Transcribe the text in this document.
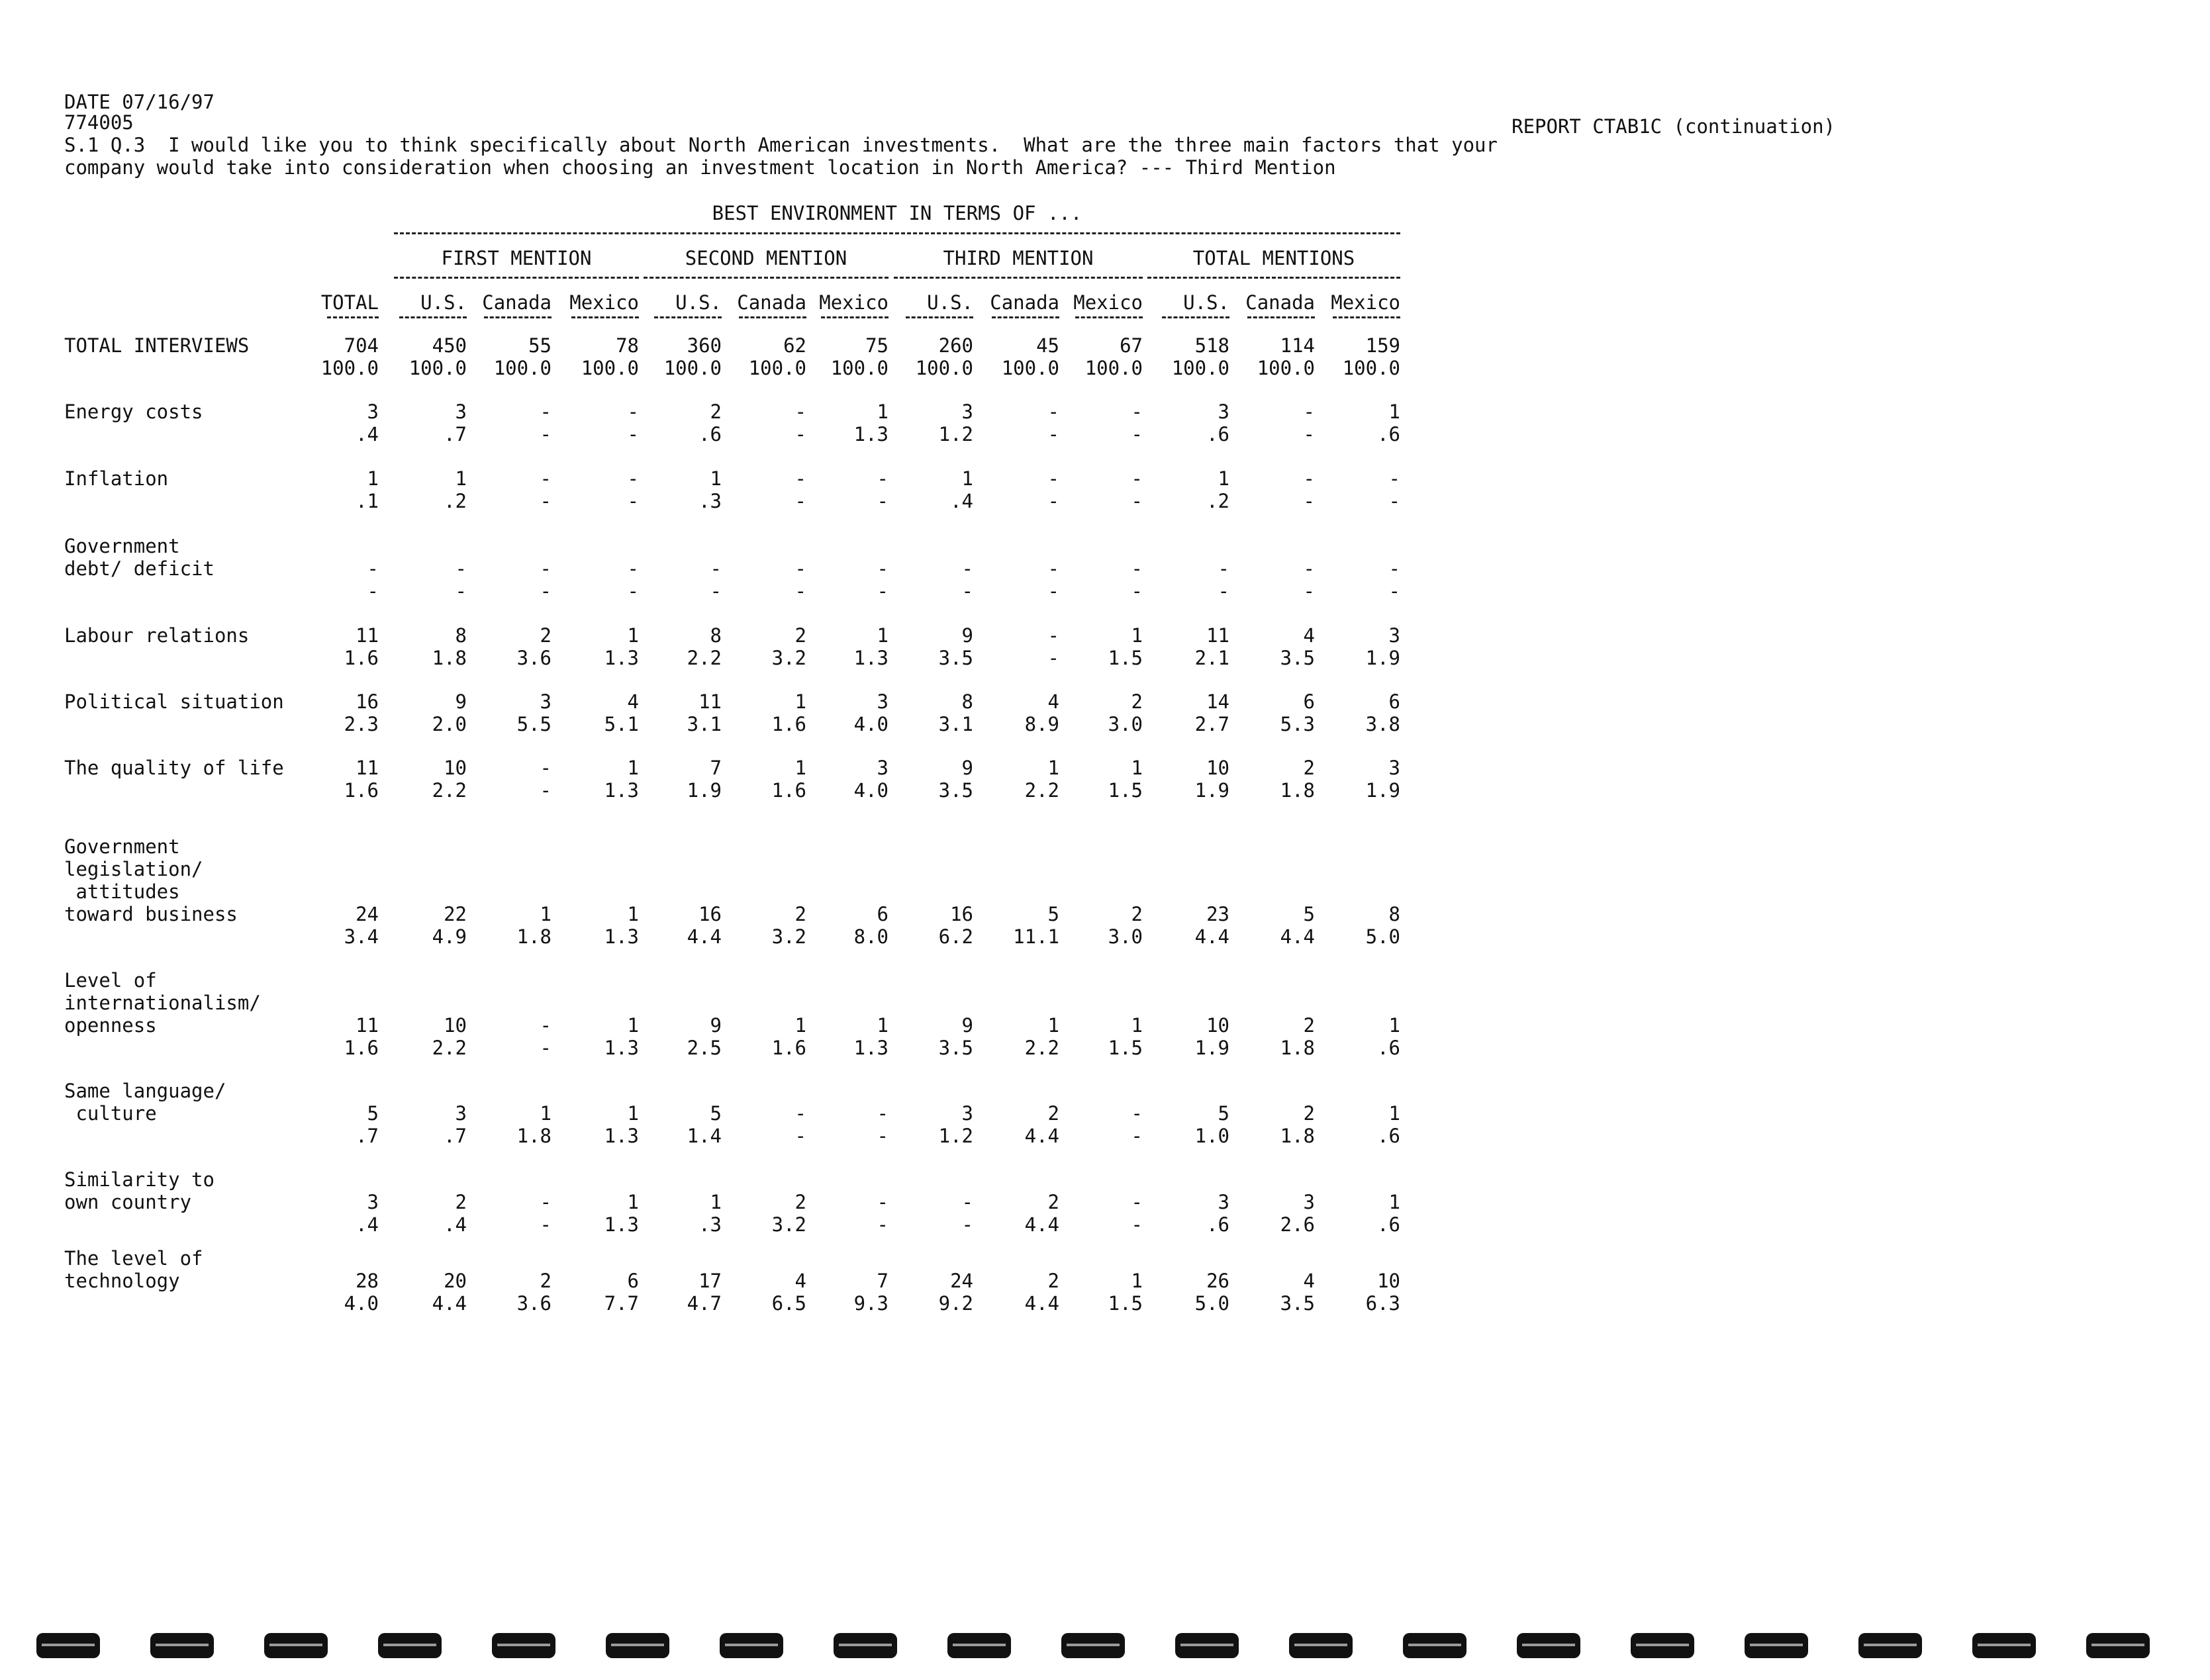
DATE 07/16/97
774005	REPORT CTAB1C (continuation)
S.1 Q.3  I would like you to think specifically about North American investments.  What are the three main factors that your
company would take into consideration when choosing an investment location in North America? --- Third Mention
BEST ENVIRONMENT IN TERMS OF ...
FIRST MENTION	SECOND MENTION	THIRD MENTION	TOTAL MENTIONS
TOTAL	U.S. Canada Mexico	U.S. Canada Mexico	U.S. Canada Mexico	U.S. Canada Mexico
TOTAL INTERVIEWS	704	450	55	78	360	62	75	260	45	67	518	114	159
100.0	100.0	100.0	100.0	100.0	100.0	100.0	100.0	100.0	100.0	100.0	100.0	100.0
Energy costs	3	3	-	-	2	-	1	3	-	-	3	-	1
.4	.7	-	-	.6	-	1.3	1.2	-	-	.6	-	.6
Inflation	1	1	-	-	1	-	-	1	-	-	1	-	-
.1	.2	-	-	.3	-	-	.4	-	-	.2	-	-
Government
debt/ deficit	-	-	-	-	-	-	-	-	-	-	-	-	-
-	-	-	-	-	-	-	-	-	-	-	-	-
Labour relations	11	8	2	1	8	2	1	9	-	1	11	4	3
1.6	1.8	3.6	1.3	2.2	3.2	1.3	3.5	-	1.5	2.1	3.5	1.9
Political situation	16	9	3	4	11	1	3	8	4	2	14	6	6
2.3	2.0	5.5	5.1	3.1	1.6	4.0	3.1	8.9	3.0	2.7	5.3	3.8
The quality of life	11	10	-	1	7	1	3	9	1	1	10	2	3
1.6	2.2	-	1.3	1.9	1.6	4.0	3.5	2.2	1.5	1.9	1.8	1.9
Government
legislation/
attitudes
toward business	24	22	1	1	16	2	6	16	5	2	23	5	8
3.4	4.9	1.8	1.3	4.4	3.2	8.0	6.2	11.1	3.0	4.4	4.4	5.0
Level of
internationalism/
openness	11	10	-	1	9	1	1	9	1	1	10	2	1
1.6	2.2	-	1.3	2.5	1.6	1.3	3.5	2.2	1.5	1.9	1.8	.6
Same language/
culture	5	3	1	1	5	-	-	3	2	-	5	2	1
.7	.7	1.8	1.3	1.4	-	-	1.2	4.4	-	1.0	1.8	.6
Similarity to
own country	3	2	-	1	1	2	-	-	2	-	3	3	1
.4	.4	-	1.3	.3	3.2	-	-	4.4	-	.6	2.6	.6
The level of
technology	28	20	2	6	17	4	7	24	2	1	26	4	10
4.0	4.4	3.6	7.7	4.7	6.5	9.3	9.2	4.4	1.5	5.0	3.5	6.3
